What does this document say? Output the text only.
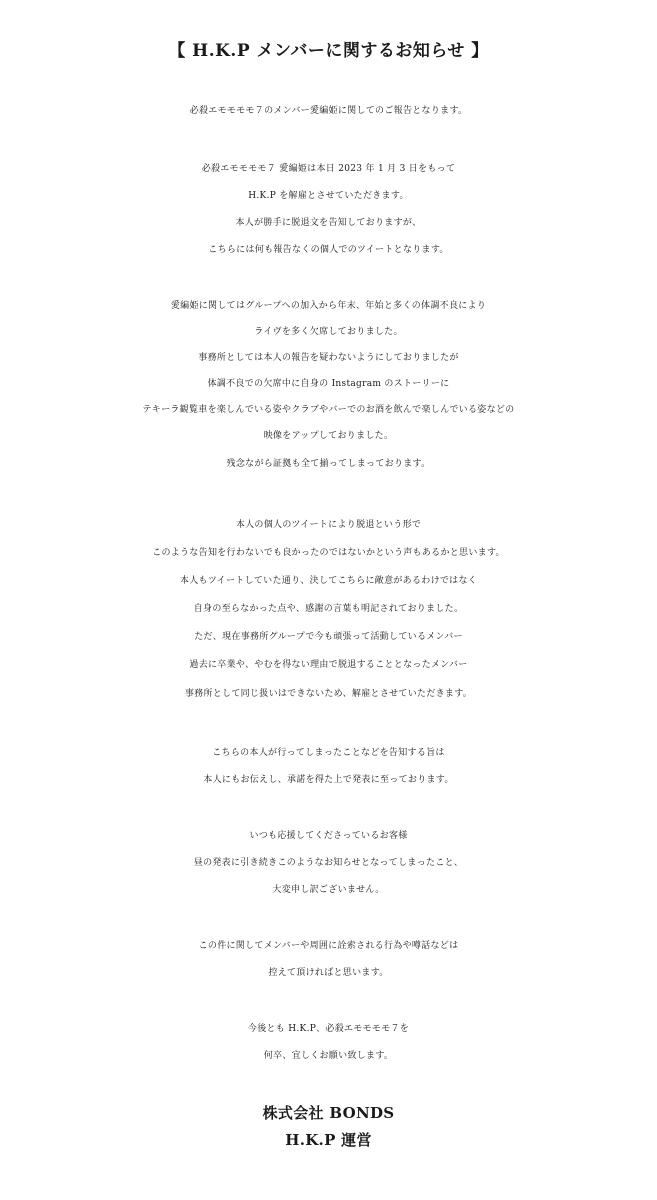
【 H.K.P メンバーに関するお知らせ 】
必殺エモモモモ７のメンバー愛編姫に関してのご報告となります。
必殺エモモモモ７ 愛編姫は本日 2023 年 1 月 3 日をもって
H.K.P を解雇とさせていただきます。
本人が勝手に脱退文を告知しておりますが、
こちらには何も報告なくの個人でのツイートとなります。
愛編姫に関してはグループへの加入から年末、年始と多くの体調不良により
ライヴを多く欠席しておりました。
事務所としては本人の報告を疑わないようにしておりましたが
体調不良での欠席中に自身の Instagram のストーリーに
テキーラ観覧車を楽しんでいる姿やクラブやバーでのお酒を飲んで楽しんでいる姿などの
映像をアップしておりました。
残念ながら証拠も全て揃ってしまっております。
本人の個人のツイートにより脱退という形で
このような告知を行わないでも良かったのではないかという声もあるかと思います。
本人もツイートしていた通り、決してこちらに敵意があるわけではなく
自身の至らなかった点や、感謝の言葉も明記されておりました。
ただ、現在事務所グループで今も頑張って活動しているメンバー
過去に卒業や、やむを得ない理由で脱退することとなったメンバー
事務所として同じ扱いはできないため、解雇とさせていただきます。
こちらの本人が行ってしまったことなどを告知する旨は
本人にもお伝えし、承諾を得た上で発表に至っております。
いつも応援してくださっているお客様
昼の発表に引き続きこのようなお知らせとなってしまったこと、
大変申し訳ございません。
この件に関してメンバーや周囲に詮索される行為や噂話などは
控えて頂ければと思います。
今後とも H.K.P、必殺エモモモモ７を
何卒、宜しくお願い致します。
株式会社 BONDS
H.K.P 運営
